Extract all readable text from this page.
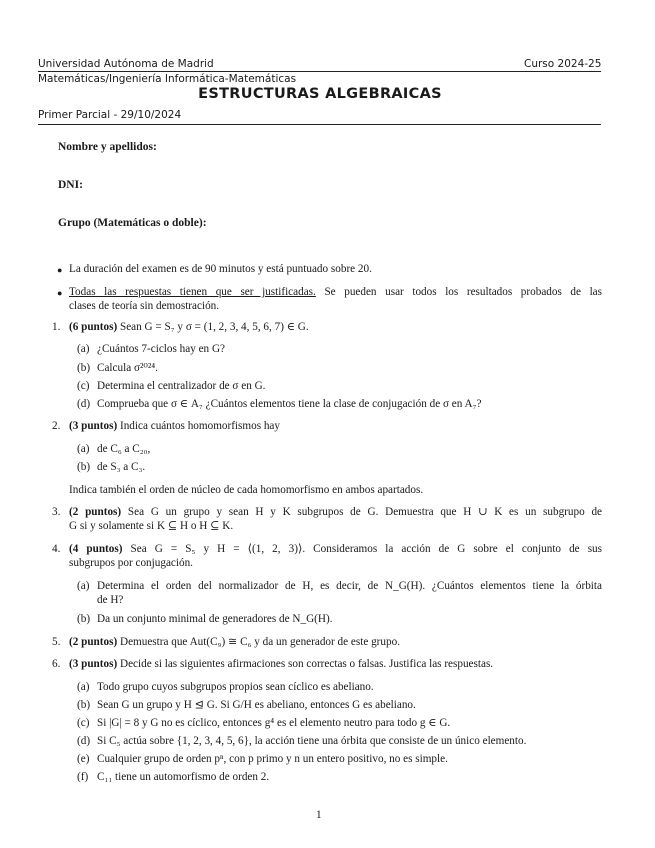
Universidad Autónoma de Madrid	Curso 2024-25
Matemáticas/Ingeniería Informática-Matemáticas
ESTRUCTURAS ALGEBRAICAS
Primer Parcial - 29/10/2024
Nombre y apellidos:
DNI:
Grupo (Matemáticas o doble):
● La duración del examen es de 90 minutos y está puntuado sobre 20.
● Todas las respuestas tienen que ser justificadas. Se pueden usar todos los resultados probados de las
clases de teoría sin demostración.
1. (6 puntos) Sean G = S₇ y σ = (1, 2, 3, 4, 5, 6, 7) ∈ G.
(a) ¿Cuántos 7-ciclos hay en G?
(b) Calcula σ²⁰²⁴.
(c) Determina el centralizador de σ en G.
(d) Comprueba que σ ∈ A₇ ¿Cuántos elementos tiene la clase de conjugación de σ en A₇?
2. (3 puntos) Indica cuántos homomorfismos hay
(a) de C₆ a C₂₀,
(b) de S₃ a C₃.
Indica también el orden de núcleo de cada homomorfismo en ambos apartados.
3. (2 puntos) Sea G un grupo y sean H y K subgrupos de G. Demuestra que H ∪ K es un subgrupo de
G si y solamente si K ⊆ H o H ⊆ K.
4. (4 puntos) Sea G = S₅ y H = ⟨(1, 2, 3)⟩. Consideramos la acción de G sobre el conjunto de sus
subgrupos por conjugación.
(a) Determina el orden del normalizador de H, es decir, de N_G(H). ¿Cuántos elementos tiene la órbita
de H?
(b) Da un conjunto minimal de generadores de N_G(H).
5. (2 puntos) Demuestra que Aut(C₉) ≅ C₆ y da un generador de este grupo.
6. (3 puntos) Decide si las siguientes afirmaciones son correctas o falsas. Justifica las respuestas.
(a) Todo grupo cuyos subgrupos propios sean cíclico es abeliano.
(b) Sean G un grupo y H ⊴ G. Si G/H es abeliano, entonces G es abeliano.
(c) Si |G| = 8 y G no es cíclico, entonces g⁴ es el elemento neutro para todo g ∈ G.
(d) Si C₅ actúa sobre {1, 2, 3, 4, 5, 6}, la acción tiene una órbita que consiste de un único elemento.
(e) Cualquier grupo de orden pⁿ, con p primo y n un entero positivo, no es simple.
(f) C₁₁ tiene un automorfismo de orden 2.
1
